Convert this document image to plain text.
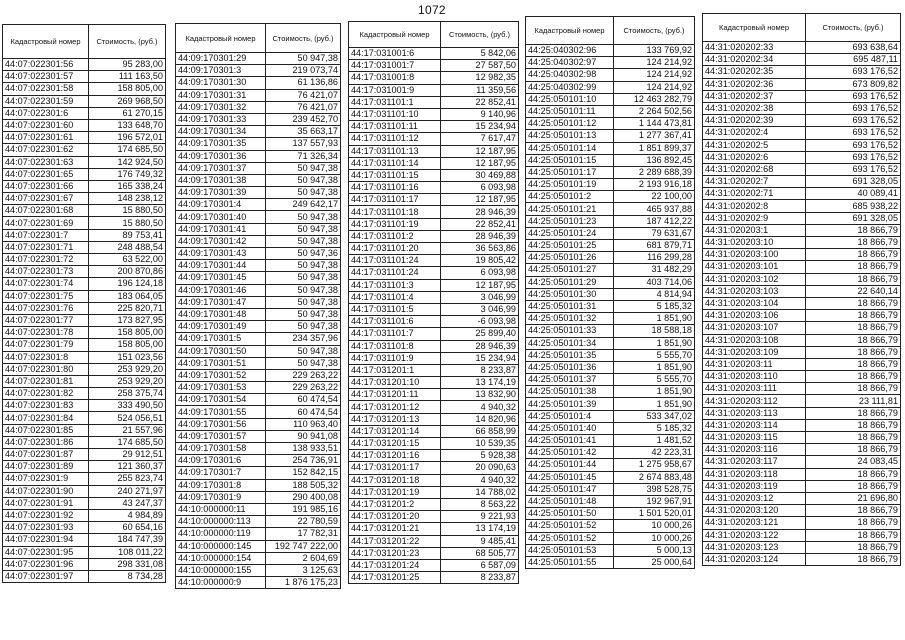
1072
Кадастровый номер	Стоимость, (руб.)
44:07:022301:56	95 283,00
44:07:022301:57	111 163,50
44:07:022301:58	158 805,00
44:07:022301:59	269 968,50
44:07:022301:6	61 270,15
44:07:022301:60	133 648,70
44:07:022301:61	196 572,01
44:07:022301:62	174 685,50
44:07:022301:63	142 924,50
44:07:022301:65	176 749,32
44:07:022301:66	165 338,24
44:07:022301:67	148 238,12
44:07:022301:68	15 880,50
44:07:022301:69	15 880,50
44:07:022301:7	89 753,41
44:07:022301:71	248 488,54
44:07:022301:72	63 522,00
44:07:022301:73	200 870,86
44:07:022301:74	196 124,18
44:07:022301:75	183 064,05
44:07:022301:76	225 820,71
44:07:022301:77	173 827,95
44:07:022301:78	158 805,00
44:07:022301:79	158 805,00
44:07:022301:8	151 023,56
44:07:022301:80	253 929,20
44:07:022301:81	253 929,20
44:07:022301:82	258 375,74
44:07:022301:83	333 490,50
44:07:022301:84	524 056,51
44:07:022301:85	21 557,96
44:07:022301:86	174 685,50
44:07:022301:87	29 912,51
44:07:022301:89	121 360,37
44:07:022301:9	255 823,74
44:07:022301:90	240 271,97
44:07:022301:91	43 247,37
44:07:022301:92	4 984,89
44:07:022301:93	60 654,16
44:07:022301:94	184 747,39
44:07:022301:95	108 011,22
44:07:022301:96	298 331,08
44:07:022301:97	8 734,28
Кадастровый номер	Стоимость, (руб.)
44:09:170301:29	50 947,38
44:09:170301:3	219 073,74
44:09:170301:30	61 136,86
44:09:170301:31	76 421,07
44:09:170301:32	76 421,07
44:09:170301:33	239 452,70
44:09:170301:34	35 663,17
44:09:170301:35	137 557,93
44:09:170301:36	71 326,34
44:09:170301:37	50 947,38
44:09:170301:38	50 947,38
44:09:170301:39	50 947,38
44:09:170301:4	249 642,17
44:09:170301:40	50 947,38
44:09:170301:41	50 947,38
44:09:170301:42	50 947,38
44:09:170301:43	50 947,36
44:09:170301:44	50 947,38
44:09:170301:45	50 947,38
44:09:170301:46	50 947,38
44:09:170301:47	50 947,38
44:09:170301:48	50 947,38
44:09:170301:49	50 947,38
44:09:170301:5	234 357,96
44:09:170301:50	50 947,38
44:09:170301:51	50 947,38
44:09:170301:52	229 263,22
44:09:170301:53	229 263,22
44:09:170301:54	60 474,54
44:09:170301:55	60 474,54
44:09:170301:56	110 963,40
44:09:170301:57	90 941,08
44:09:170301:58	138 933,51
44:09:170301:6	254 736,91
44:09:170301:7	152 842,15
44:09:170301:8	188 505,32
44:09:170301:9	290 400,08
44:10:000000:11	191 985,16
44:10:000000:113	22 780,59
44:10:000000:119	17 782,31
44:10:000000:145	192 747 222,00
44:10:000000:154	2 604,69
44:10:000000:155	3 125,63
44:10:000000:9	1 876 175,23
Кадастровый номер	Стоимость, (руб.)
44:17:031001:6	5 842,06
44:17:031001:7	27 587,50
44:17:031001:8	12 982,35
44:17:031001:9	11 359,56
44:17:031101:1	22 852,41
44:17:031101:10	9 140,96
44:17:031101:11	15 234,94
44:17:031101:12	7 617,47
44:17:031101:13	12 187,95
44:17:031101:14	12 187,95
44:17:031101:15	30 469,88
44:17:031101:16	6 093,98
44:17:031101:17	12 187,95
44:17:031101:18	28 946,39
44:17:031101:19	22 852,41
44:17:031101:2	28 946,39
44:17:031101:20	36 563,86
44:17:031101:24	19 805,42
44:17:031101:24	6 093,98
44:17:031101:3	12 187,95
44:17:031101:4	3 046,99
44:17:031101:5	3 046,99
44:17:031101:6	-6 093,98
44:17:031101:7	25 899,40
44:17:031101:8	28 946,39
44:17:031101:9	15 234,94
44:17:031201:1	8 233,87
44:17:031201:10	13 174,19
44:17:031201:11	13 832,90
44:17:031201:12	4 940,32
44:17:031201:13	14 820,96
44:17:031201:14	66 858,99
44:17:031201:15	10 539,35
44:17:031201:16	5 928,38
44:17:031201:17	20 090,63
44:17:031201:18	4 940,32
44:17:031201:19	14 788,02
44:17:031201:2	8 563,22
44:17:031201:20	9 221,93
44:17:031201:21	13 174,19
44:17:031201:22	9 485,41
44:17:031201:23	68 505,77
44:17:031201:24	6 587,09
44:17:031201:25	8 233,87
Кадастровый номер	Стоимость, (руб.)
44:25:040302:96	133 769,92
44:25:040302:97	124 214,92
44:25:040302:98	124 214,92
44:25:040302:99	124 214,92
44:25:050101:10	12 463 282,79
44:25:050101:11	2 264 502,56
44:25:050101:12	1 144 473,81
44:25:050101:13	1 277 367,41
44:25:050101:14	1 851 899,37
44:25:050101:15	136 892,45
44:25:050101:17	2 289 688,39
44:25:050101:19	2 193 916,18
44:25:050101:2	22 100,00
44:25:050101:21	465 937,88
44:25:050101:23	187 412,22
44:25:050101:24	79 631,67
44:25:050101:25	681 879,71
44:25:050101:26	116 299,28
44:25:050101:27	31 482,29
44:25:050101:29	403 714,06
44:25:050101:30	4 814,94
44:25:050101:31	5 185,32
44:25:050101:32	1 851,90
44:25:050101:33	18 588,18
44:25:050101:34	1 851,90
44:25:050101:35	5 555,70
44:25:050101:36	1 851,90
44:25:050101:37	5 555,70
44:25:050101:38	1 851,90
44:25:050101:39	1 851,90
44:25:050101:4	533 347,02
44:25:050101:40	5 185,32
44:25:050101:41	1 481,52
44:25:050101:42	42 223,31
44:25:050101:44	1 275 958,67
44:25:050101:45	2 674 883,48
44:25:050101:47	398 528,75
44:25:050101:48	192 967,91
44:25:050101:50	1 501 520,01
44:25:050101:52	10 000,26
44:25:050101:52	10 000,26
44:25:050101:53	5 000,13
44:25:050101:55	25 000,64
Кадастровый номер	Стоимость, (руб.)
44:31:020202:33	693 638,64
44:31:020202:34	695 487,11
44:31:020202:35	693 176,52
44:31:020202:36	673 809,82
44:31:020202:37	693 176,52
44:31:020202:38	693 176,52
44:31:020202:39	693 176,52
44:31:020202:4	693 176,52
44:31:020202:5	693 176,52
44:31:020202:6	693 176,52
44:31:020202:68	693 176,52
44:31:020202:7	691 328,05
44:31:020202:71	40 089,41
44:31:020202:8	685 938,22
44:31:020202:9	691 328,05
44:31:020203:1	18 866,79
44:31:020203:10	18 866,79
44:31:020203:100	18 866,79
44:31:020203:101	18 866,79
44:31:020203:102	18 866,79
44:31:020203:103	22 640,14
44:31:020203:104	18 866,79
44:31:020203:106	18 866,79
44:31:020203:107	18 866,79
44:31:020203:108	18 866,79
44:31:020203:109	18 866,79
44:31:020203:11	18 866,79
44:31:020203:110	18 866,79
44:31:020203:111	18 866,79
44:31:020203:112	23 111,81
44:31:020203:113	18 866,79
44:31:020203:114	18 866,79
44:31:020203:115	18 866,79
44:31:020203:116	18 866,79
44:31:020203:117	24 083,45
44:31:020203:118	18 866,79
44:31:020203:119	18 866,79
44:31:020203:12	21 696,80
44:31:020203:120	18 866,79
44:31:020203:121	18 866,79
44:31:020203:122	18 866,79
44:31:020203:123	18 866,79
44:31:020203:124	18 866,79
